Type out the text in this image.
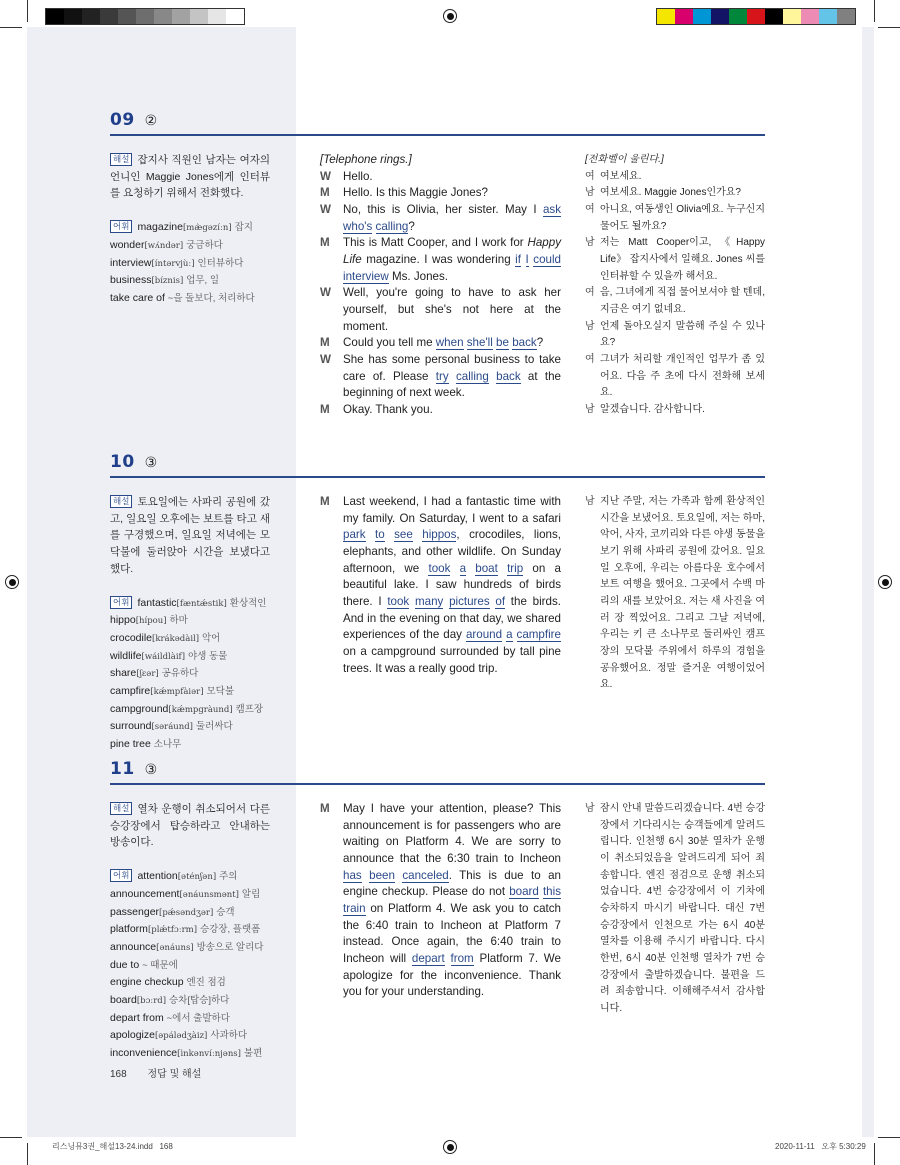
09 ②
해설 잡지사 직원인 남자는 여자의 언니인 Maggie Jones에게 인터뷰를 요청하기 위해서 전화했다.
어휘 magazine[mæ̀gəzíːn] 잡지
wonder[wʌ́ndər] 궁금하다
interview[íntərvjùː] 인터뷰하다
business[bíznis] 업무, 일
take care of ~을 돌보다, 처리하다
[Telephone rings.]
W	Hello.
M	Hello. Is this Maggie Jones?
W	No, this is Olivia, her sister. May I ask who's calling?
M	This is Matt Cooper, and I work for Happy Life magazine. I was wondering if I could interview Ms. Jones.
W	Well, you're going to have to ask her yourself, but she's not here at the moment.
M	Could you tell me when she'll be back?
W	She has some personal business to take care of. Please try calling back at the beginning of next week.
M	Okay. Thank you.
[전화벨이 울린다.]
여 여보세요.
남 여보세요. Maggie Jones인가요?
여 아니요, 여동생인 Olivia예요. 누구신지 물어도 될까요?
남 저는 Matt Cooper이고, 《Happy Life》 잡지사에서 일해요. Jones 씨를 인터뷰할 수 있을까 해서요.
여 음, 그녀에게 직접 물어보셔야 할 텐데, 지금은 여기 없네요.
남 언제 돌아오실지 말씀해 주실 수 있나요?
여 그녀가 처리할 개인적인 업무가 좀 있어요. 다음 주 초에 다시 전화해 보세요.
남 알겠습니다. 감사합니다.
10 ③
해설 토요일에는 사파리 공원에 갔고, 일요일 오후에는 보트를 타고 새를 구경했으며, 일요일 저녁에는 모닥불에 둘러앉아 시간을 보냈다고 했다.
어휘 fantastic[fæntǽstik] 환상적인
hippo[hípou] 하마
crocodile[krákədàil] 악어
wildlife[wáildlàif] 야생 동물
share[ʃɛər] 공유하다
campfire[kǽmpfàiər] 모닥불
campground[kǽmpgràund] 캠프장
surround[səráund] 둘러싸다
pine tree 소나무
M	Last weekend, I had a fantastic time with my family. On Saturday, I went to a safari park to see hippos, crocodiles, lions, elephants, and other wildlife. On Sunday afternoon, we took a boat trip on a beautiful lake. I saw hundreds of birds there. I took many pictures of the birds. And in the evening on that day, we shared experiences of the day around a campfire on a campground surrounded by tall pine trees. It was a really good trip.
남 지난 주말, 저는 가족과 함께 환상적인 시간을 보냈어요. 토요일에, 저는 하마, 악어, 사자, 코끼리와 다른 야생 동물을 보기 위해 사파리 공원에 갔어요. 일요일 오후에, 우리는 아름다운 호수에서 보트 여행을 했어요. 그곳에서 수백 마리의 새를 보았어요. 저는 새 사진을 여러 장 찍었어요. 그리고 그날 저녁에, 우리는 키 큰 소나무로 둘러싸인 캠프장의 모닥불 주위에서 하루의 경험을 공유했어요. 정말 즐거운 여행이었어요.
11 ③
해설 열차 운행이 취소되어서 다른 승강장에서 탑승하라고 안내하는 방송이다.
어휘 attention[əténʃən] 주의
announcement[ənáunsmənt] 알림
passenger[pǽsəndʒər] 승객
platform[plǽtfɔːrm] 승강장, 플랫폼
announce[ənáuns] 방송으로 알리다
due to ~ 때문에
engine checkup 엔진 점검
board[bɔːrd] 승차[탑승]하다
depart from ~에서 출발하다
apologize[əpálədʒàiz] 사과하다
inconvenience[ìnkənvíːnjəns] 불편
M	May I have your attention, please? This announcement is for passengers who are waiting on Platform 4. We are sorry to announce that the 6:30 train to Incheon has been canceled. This is due to an engine checkup. Please do not board this train on Platform 4. We ask you to catch the 6:40 train to Incheon at Platform 7 instead. Once again, the 6:40 train to Incheon will depart from Platform 7. We apologize for the inconvenience. Thank you for your understanding.
남 잠시 안내 말씀드리겠습니다. 4번 승강장에서 기다리시는 승객들에게 알려드립니다. 인천행 6시 30분 열차가 운행이 취소되었음을 알려드리게 되어 죄송합니다. 엔진 점검으로 운행 취소되었습니다. 4번 승강장에서 이 기차에 승차하지 마시기 바랍니다. 대신 7번 승강장에서 인천으로 가는 6시 40분 열차를 이용해 주시기 바랍니다. 다시 한번, 6시 40분 인천행 열차가 7번 승강장에서 출발하겠습니다. 불편을 드려 죄송합니다. 이해해주셔서 감사합니다.
168 정답 및 해설
리스닝뮤3권_해설13-24.indd   168	2020-11-11   오후 5:30:29
